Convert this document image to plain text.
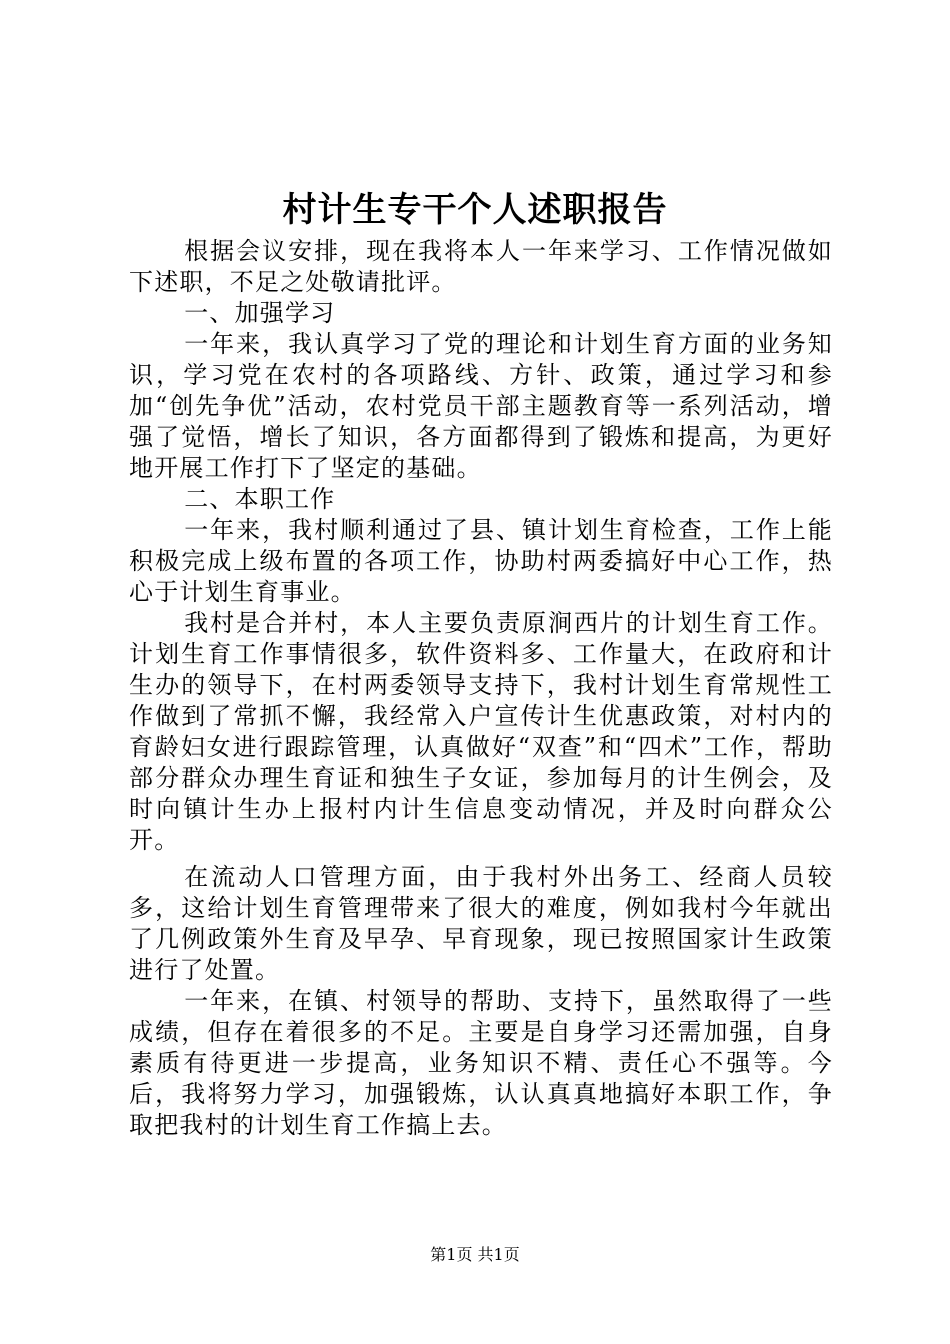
村计生专干个人述职报告

根据会议安排，现在我将本人一年来学习、工作情况做如下述职，不足之处敬请批评。

一、加强学习

一年来，我认真学习了党的理论和计划生育方面的业务知识，学习党在农村的各项路线、方针、政策，通过学习和参加“创先争优”活动，农村党员干部主题教育等一系列活动，增强了觉悟，增长了知识，各方面都得到了锻炼和提高，为更好地开展工作打下了坚定的基础。

二、本职工作

一年来，我村顺利通过了县、镇计划生育检查，工作上能积极完成上级布置的各项工作，协助村两委搞好中心工作，热心于计划生育事业。

我村是合并村，本人主要负责原涧西片的计划生育工作。计划生育工作事情很多，软件资料多、工作量大，在政府和计生办的领导下，在村两委领导支持下，我村计划生育常规性工作做到了常抓不懈，我经常入户宣传计生优惠政策，对村内的育龄妇女进行跟踪管理，认真做好“双查”和“四术”工作，帮助部分群众办理生育证和独生子女证，参加每月的计生例会，及时向镇计生办上报村内计生信息变动情况，并及时向群众公开。

在流动人口管理方面，由于我村外出务工、经商人员较多，这给计划生育管理带来了很大的难度，例如我村今年就出了几例政策外生育及早孕、早育现象，现已按照国家计生政策进行了处置。

一年来，在镇、村领导的帮助、支持下，虽然取得了一些成绩，但存在着很多的不足。主要是自身学习还需加强，自身素质有待更进一步提高，业务知识不精、责任心不强等。今后，我将努力学习，加强锻炼，认认真真地搞好本职工作，争取把我村的计划生育工作搞上去。

第1页 共1页
